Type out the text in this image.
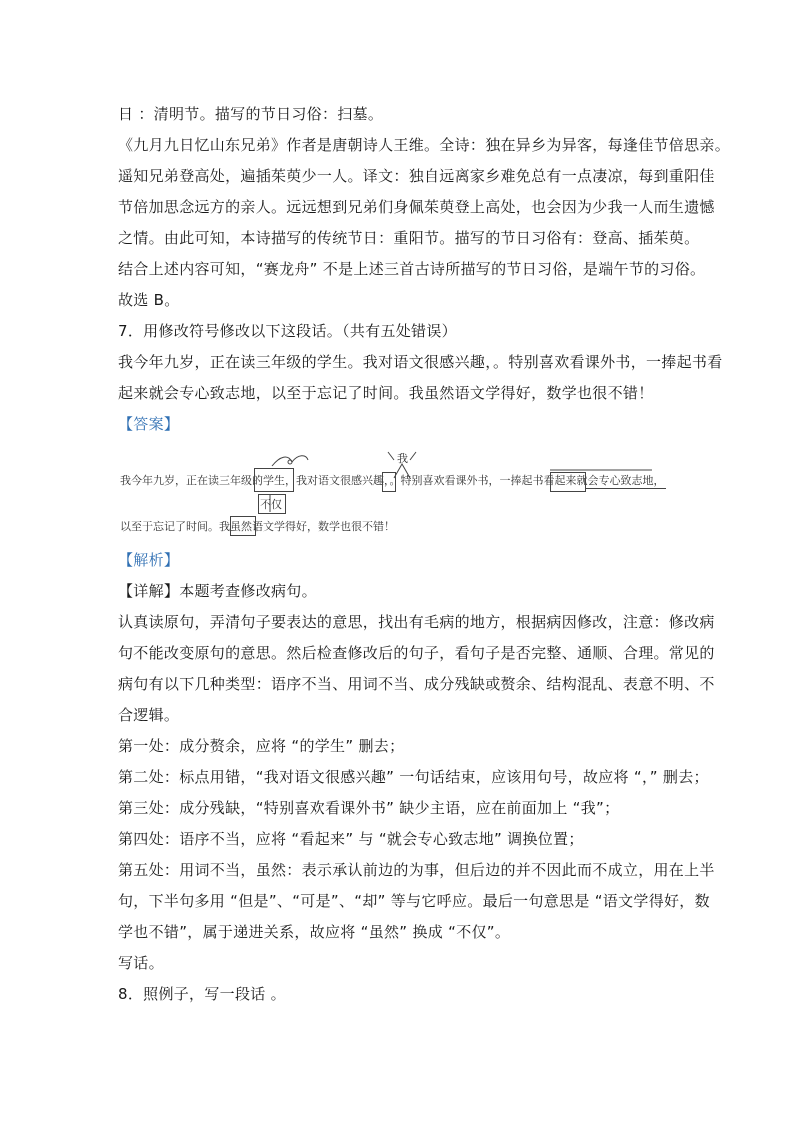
日 ：清明节。描写的节日习俗：扫墓。
《九月九日忆山东兄弟》作者是唐朝诗人王维。全诗：独在异乡为异客，每逢佳节倍思亲。
遥知兄弟登高处，遍插茱萸少一人。译文：独自远离家乡难免总有一点凄凉，每到重阳佳
节倍加思念远方的亲人。远远想到兄弟们身佩茱萸登上高处，也会因为少我一人而生遗憾
之情。由此可知，本诗描写的传统节日：重阳节。描写的节日习俗有：登高、插茱萸。
结合上述内容可知，“赛龙舟” 不是上述三首古诗所描写的节日习俗，是端午节的习俗。
故选 B。
7．用修改符号修改以下这段话。（共有五处错误）
我今年九岁，正在读三年级的学生。我对语文很感兴趣，。特别喜欢看课外书，一捧起书看
起来就会专心致志地，以至于忘记了时间。我虽然语文学得好，数学也很不错！
【答案】
我今年九岁，正在读三年级的学生，我对语文很感兴趣，。特别喜欢看课外书，一捧起书看起来就会专心致志地，
以至于忘记了时间。我虽然语文学得好，数学也很不错！
我
不仅
【解析】
【详解】本题考查修改病句。
认真读原句，弄清句子要表达的意思，找出有毛病的地方，根据病因修改，注意：修改病
句不能改变原句的意思。然后检查修改后的句子，看句子是否完整、通顺、合理。常见的
病句有以下几种类型：语序不当、用词不当、成分残缺或赘余、结构混乱、表意不明、不
合逻辑。
第一处：成分赘余，应将 “的学生” 删去；
第二处：标点用错，“我对语文很感兴趣” 一句话结束，应该用句号，故应将 “，” 删去；
第三处：成分残缺，“特别喜欢看课外书” 缺少主语，应在前面加上 “我”；
第四处：语序不当，应将 “看起来” 与 “就会专心致志地” 调换位置；
第五处：用词不当，虽然：表示承认前边的为事，但后边的并不因此而不成立，用在上半
句，下半句多用 “但是”、“可是”、“却” 等与它呼应。最后一句意思是 “语文学得好，数
学也不错”，属于递进关系，故应将 “虽然” 换成 “不仅”。
写话。
8．照例子，写一段话 。
